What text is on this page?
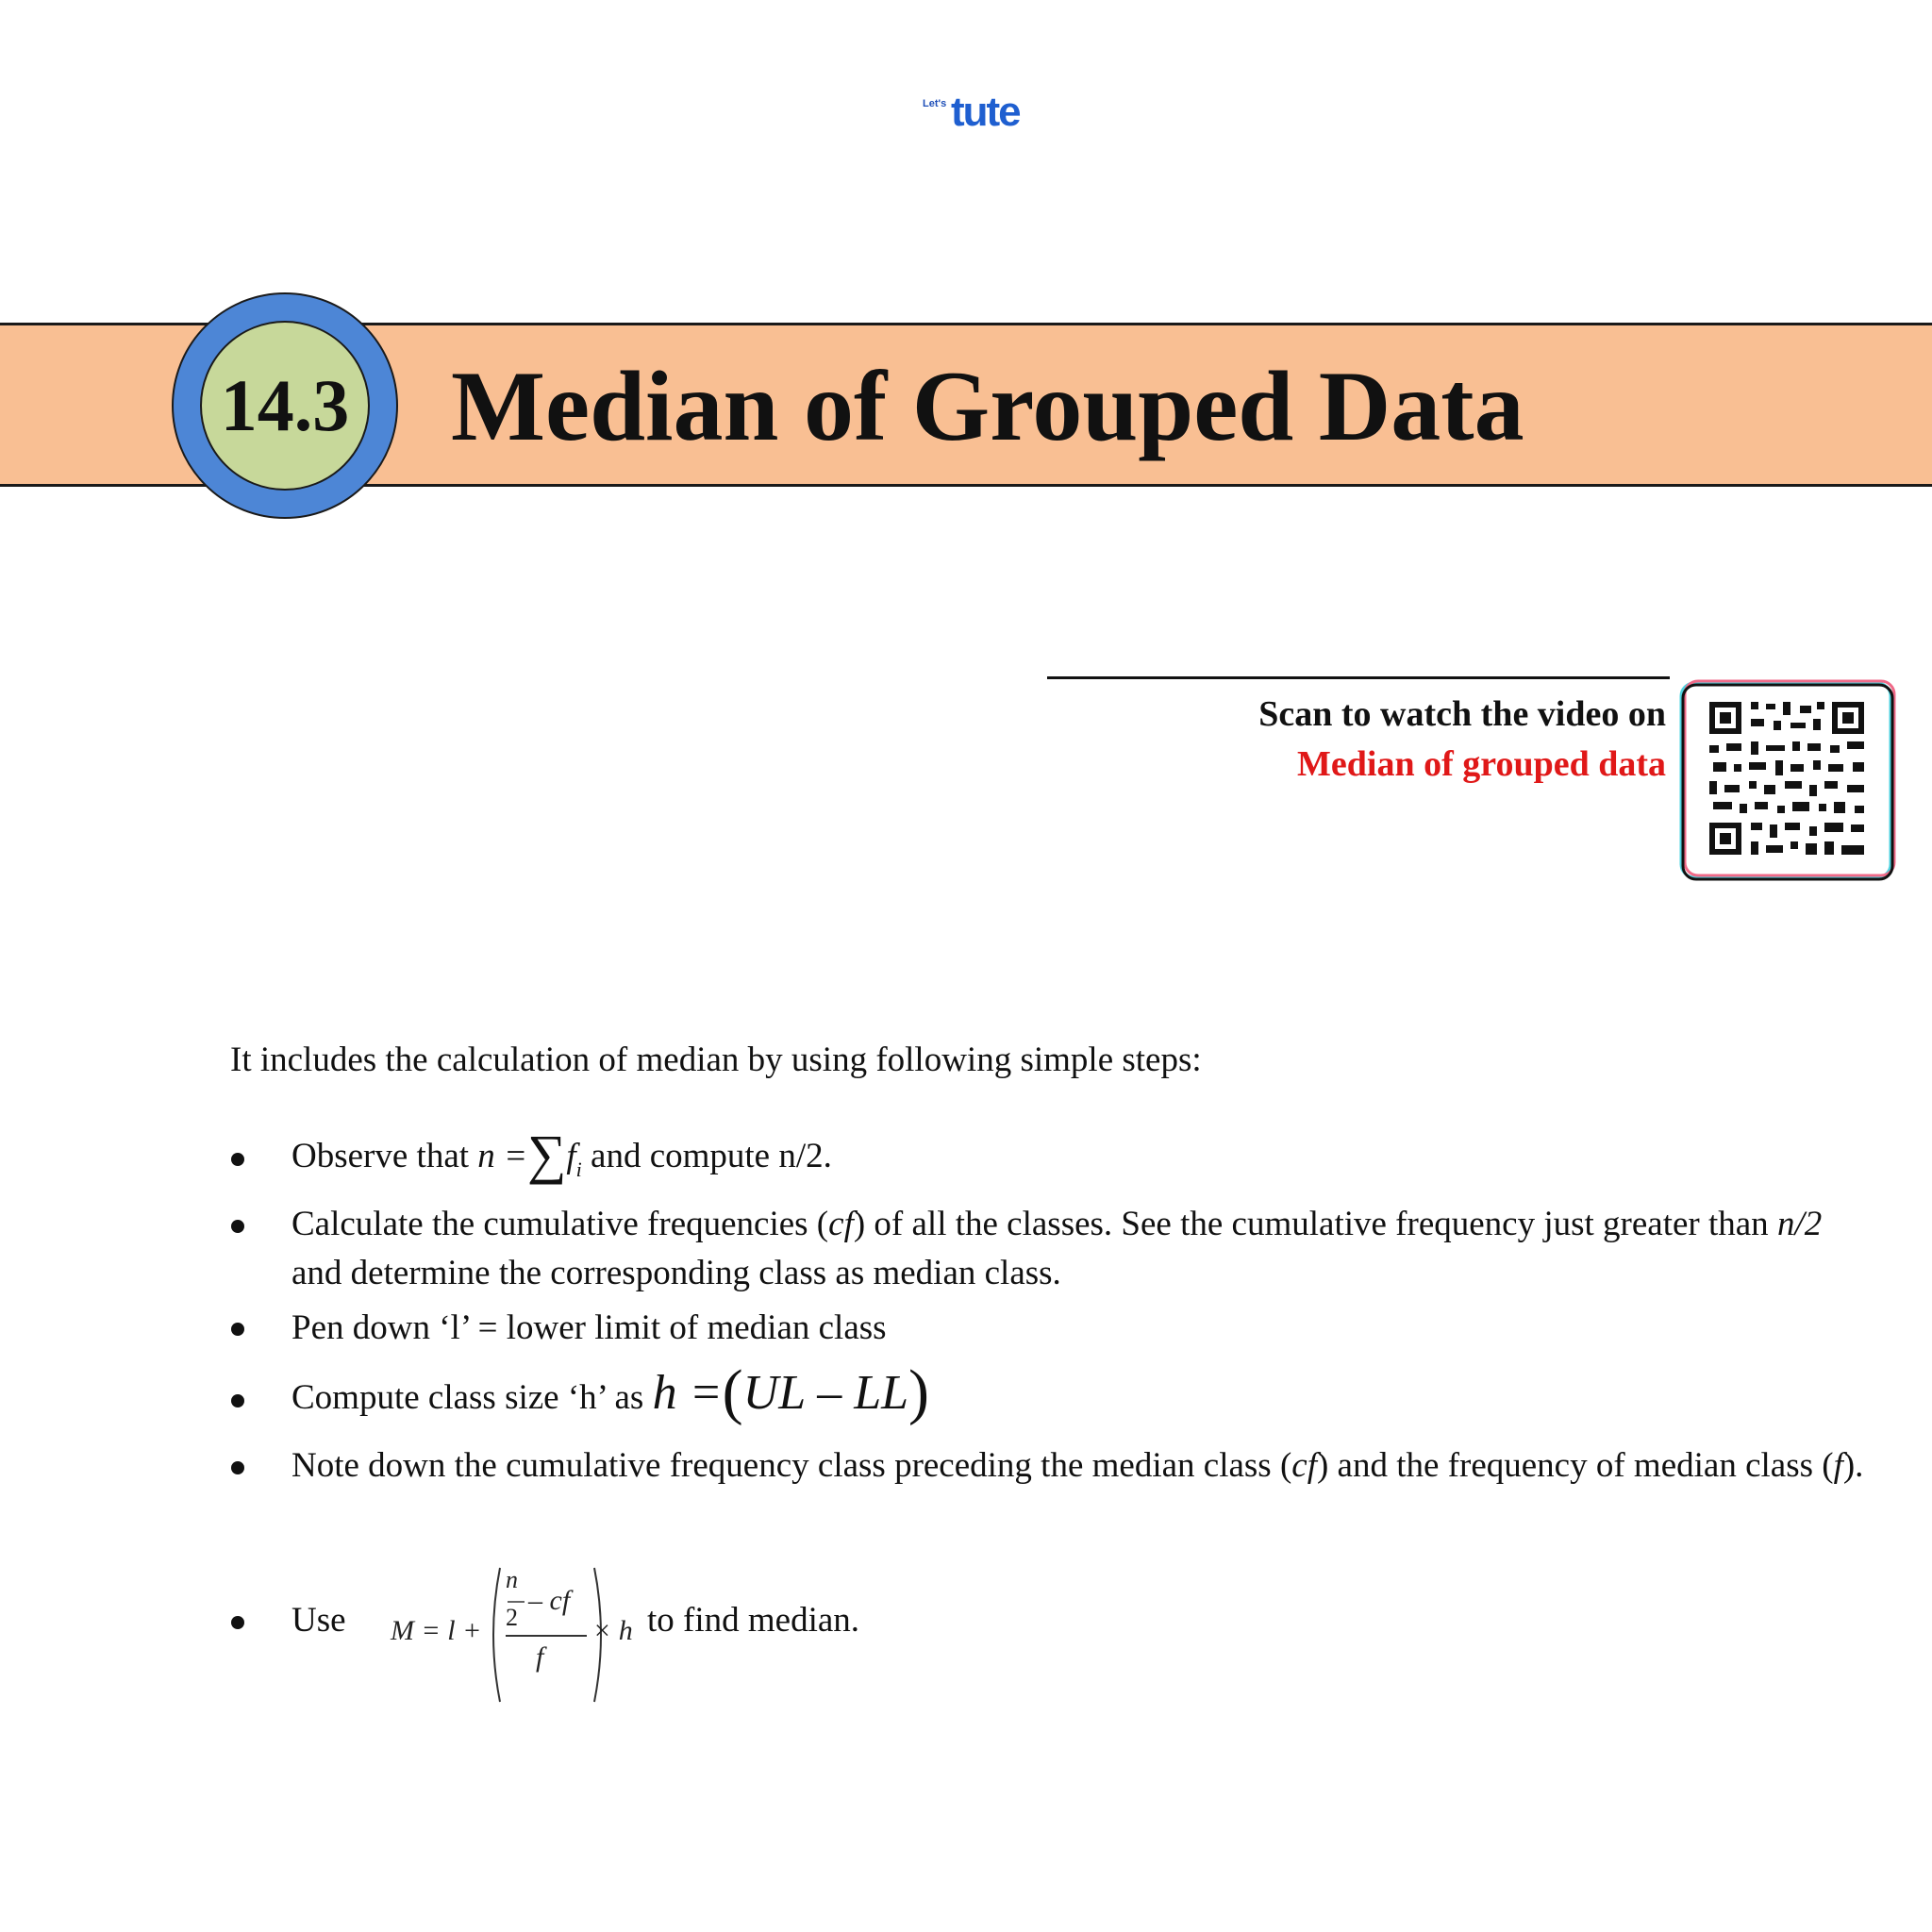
Let's tute
14.3 Median of Grouped Data
Scan to watch the video on
Median of grouped data
It includes the calculation of median by using following simple steps:
Observe that $n =\sum f_i$ and compute n/2.
Calculate the cumulative frequencies (cf) of all the classes. See the cumulative frequency just greater than n/2 and determine the corresponding class as median class.
Pen down ‘l’ = lower limit of median class
Compute class size ‘h’ as h =(UL – LL)
Note down the cumulative frequency class preceding the median class (cf) and the frequency of median class (f).
Use	M = l +
n
2
– cf
f
× h to find median.
